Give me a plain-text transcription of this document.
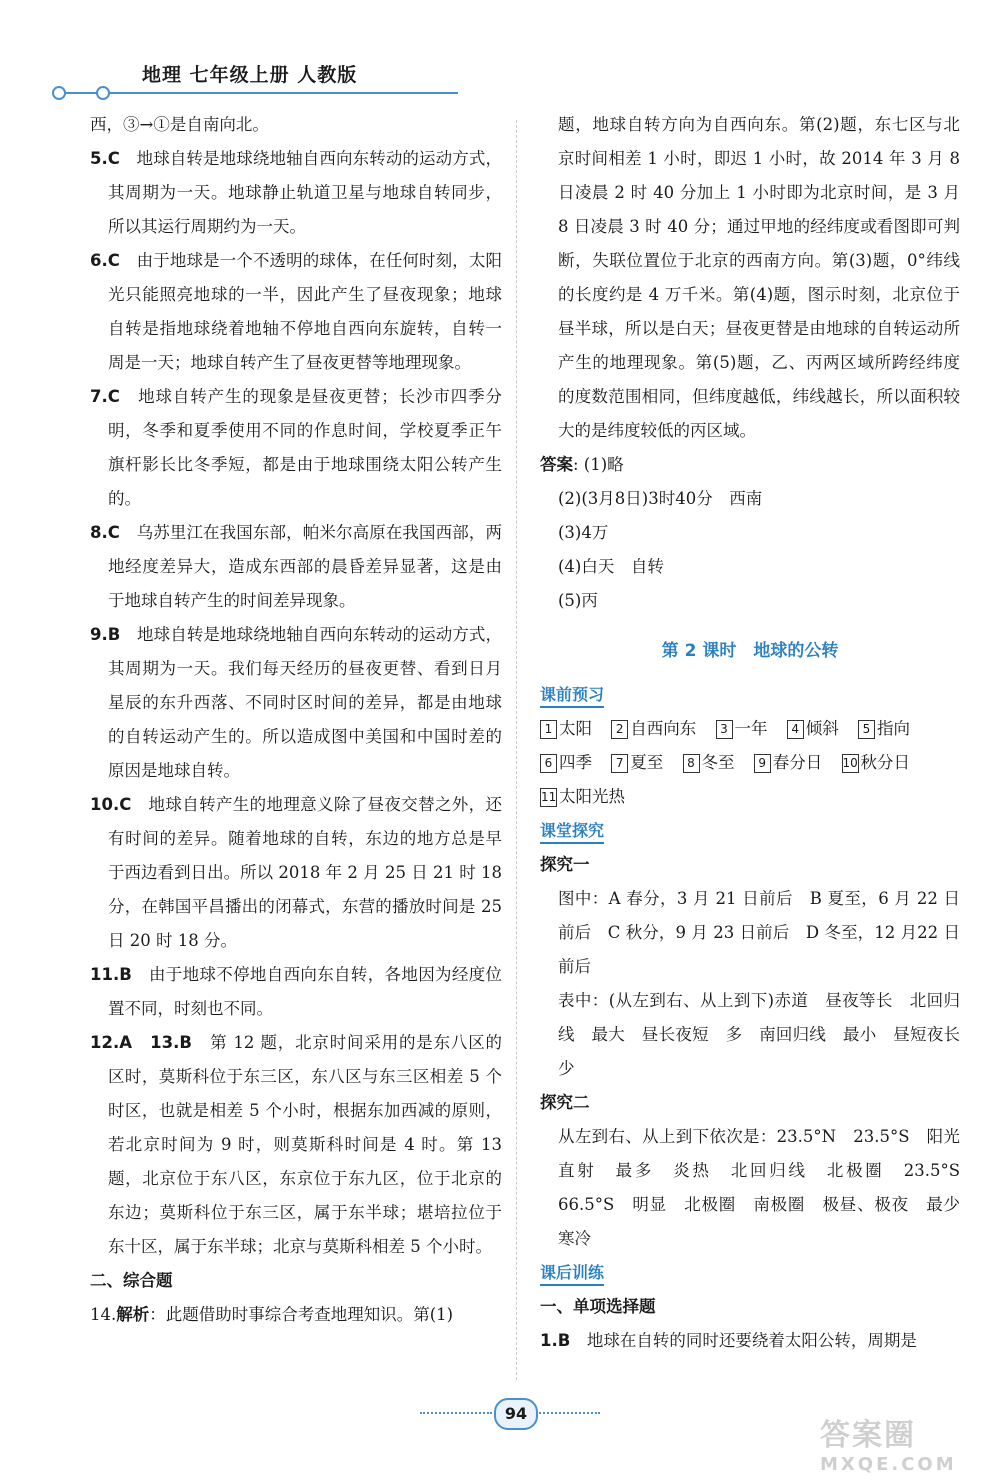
地理 七年级上册 人教版

西，③→①是自南向北。

5.C　 地球自转是地球绕地轴自西向东转动的运动方式，其周期为一天。地球静止轨道卫星与地球自转同步，所以其运行周期约为一天。

6.C　 由于地球是一个不透明的球体，在任何时刻，太阳光只能照亮地球的一半，因此产生了昼夜现象；地球自转是指地球绕着地轴不停地自西向东旋转，自转一周是一天；地球自转产生了昼夜更替等地理现象。

7.C　 地球自转产生的现象是昼夜更替；长沙市四季分明，冬季和夏季使用不同的作息时间，学校夏季正午旗杆影长比冬季短，都是由于地球围绕太阳公转产生的。

8.C　 乌苏里江在我国东部，帕米尔高原在我国西部，两地经度差异大，造成东西部的晨昏差异显著，这是由于地球自转产生的时间差异现象。

9.B　 地球自转是地球绕地轴自西向东转动的运动方式，其周期为一天。我们每天经历的昼夜更替、看到日月星辰的东升西落、不同时区时间的差异，都是由地球的自转运动产生的。所以造成图中美国和中国时差的原因是地球自转。

10.C　 地球自转产生的地理意义除了昼夜交替之外，还有时间的差异。随着地球的自转，东边的地方总是早于西边看到日出。所以 2018 年 2 月 25 日 21 时 18 分，在韩国平昌播出的闭幕式，东营的播放时间是 25 日 20 时 18 分。

11.B　 由于地球不停地自西向东自转，各地因为经度位置不同，时刻也不同。

12.A　 13.B　 第 12 题，北京时间采用的是东八区的区时，莫斯科位于东三区，东八区与东三区相差 5 个时区，也就是相差 5 个小时，根据东加西减的原则，若北京时间为 9 时，则莫斯科时间是 4 时。第 13 题，北京位于东八区，东京位于东九区，位于北京的东边；莫斯科位于东三区，属于东半球；堪培拉位于东十区，属于东半球；北京与莫斯科相差 5 个小时。

二、综合题

14.解析：此题借助时事综合考查地理知识。第(1)

题，地球自转方向为自西向东。第(2)题，东七区与北京时间相差 1 小时，即迟 1 小时，故 2014 年 3 月 8 日凌晨 2 时 40 分加上 1 小时即为北京时间，是 3 月 8 日凌晨 3 时 40 分；通过甲地的经纬度或看图即可判断，失联位置位于北京的西南方向。第(3)题，0°纬线的长度约是 4 万千米。第(4)题，图示时刻，北京位于昼半球，所以是白天；昼夜更替是由地球的自转运动所产生的地理现象。第(5)题，乙、丙两区域所跨经纬度的度数范围相同，但纬度越低，纬线越长，所以面积较大的是纬度较低的丙区域。

答案: (1)略

(2)(3月8日)3时40分　西南

(3)4万

(4)白天　自转

(5)丙

第 2 课时　地球的公转
课前预习
1 太阳 2 自西向东 3 一年 4 倾斜 5 指向
6 四季 7 夏至 8 冬至 9 春分日 10 秋分日
11 太阳光热
课堂探究

探究一

图中：A 春分，3 月 21 日前后　B 夏至，6 月 22 日前后　C 秋分，9 月 23 日前后　D 冬至，12 月22 日前后

表中：(从左到右、从上到下)赤道　昼夜等长　北回归线　最大　昼长夜短　多　南回归线　最小　昼短夜长　少

探究二

从左到右、从上到下依次是：23.5°N　23.5°S　阳光直射　最多　炎热　北回归线　北极圈　23.5°S　66.5°S　明显　北极圈　南极圈　极昼、极夜　最少　寒冷

课后训练

一、单项选择题

1.B　 地球在自转的同时还要绕着太阳公转，周期是

94
答案圈
MXQE.COM
